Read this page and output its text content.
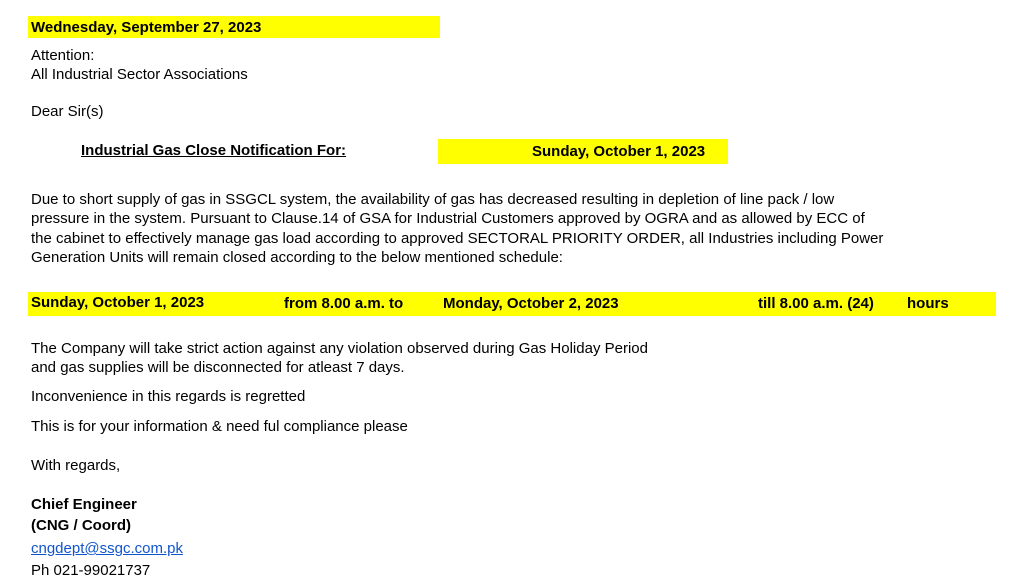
Wednesday, September 27, 2023
Attention:
All Industrial Sector Associations
Dear Sir(s)
Industrial Gas Close Notification For:	Sunday, October 1, 2023
Due to short supply of gas in SSGCL system, the availability of gas has decreased resulting in depletion of line pack / low
pressure in the system. Pursuant to Clause.14 of GSA for Industrial Customers approved by OGRA and as allowed by ECC of
the cabinet to effectively manage gas load according to approved SECTORAL PRIORITY ORDER, all Industries including Power
Generation Units will remain closed according to the below mentioned schedule:
Sunday, October 1, 2023	from 8.00 a.m. to	Monday, October 2, 2023	till 8.00 a.m. (24) hours
The Company will take strict action against any violation observed during Gas Holiday Period
and gas supplies will be disconnected for atleast 7 days.
Inconvenience in this regards is regretted
This is for your information & need ful compliance please
With regards,
Chief Engineer
(CNG / Coord)
cngdept@ssgc.com.pk
Ph 021-99021737
